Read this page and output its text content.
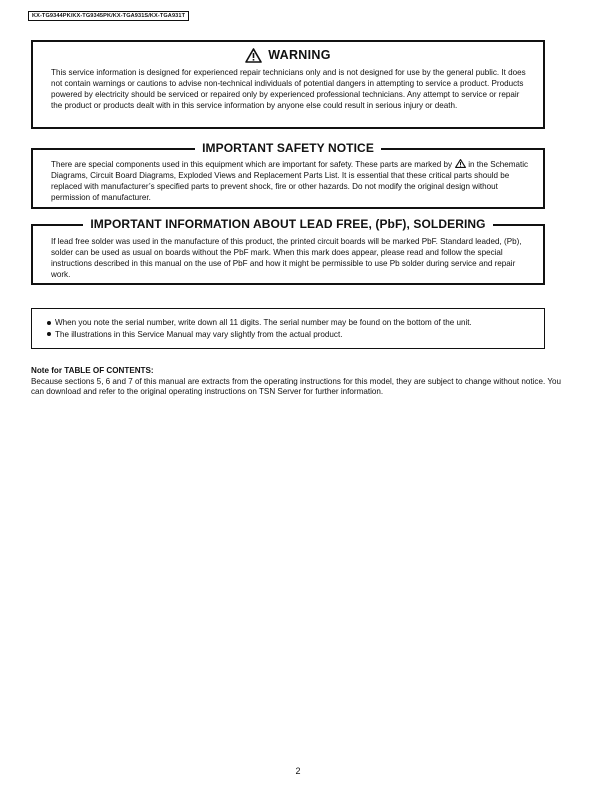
KX-TG9344PK/KX-TG9345PK/KX-TGA931S/KX-TGA931T
WARNING

This service information is designed for experienced repair technicians only and is not designed for use by the general public. It does not contain warnings or cautions to advise non-technical individuals of potential dangers in attempting to service a product. Products powered by electricity should be serviced or repaired only by experienced professional technicians. Any attempt to service or repair the product or products dealt with in this service information by anyone else could result in serious injury or death.

IMPORTANT SAFETY NOTICE

There are special components used in this equipment which are important for safety. These parts are marked by in the Schematic Diagrams, Circuit Board Diagrams, Exploded Views and Replacement Parts List. It is essential that these critical parts should be replaced with manufacturer’s specified parts to prevent shock, fire or other hazards. Do not modify the original design without permission of manufacturer.

IMPORTANT INFORMATION ABOUT LEAD FREE, (PbF), SOLDERING

If lead free solder was used in the manufacture of this product, the printed circuit boards will be marked PbF. Standard leaded, (Pb), solder can be used as usual on boards without the PbF mark. When this mark does appear, please read and follow the special instructions described in this manual on the use of PbF and how it might be permissible to use Pb solder during service and repair work.

When you note the serial number, write down all 11 digits. The serial number may be found on the bottom of the unit.
The illustrations in this Service Manual may vary slightly from the actual product.
Note for TABLE OF CONTENTS:

Because sections 5, 6 and 7 of this manual are extracts from the operating instructions for this model, they are subject to change without notice. You can download and refer to the original operating instructions on TSN Server for further information.

2
